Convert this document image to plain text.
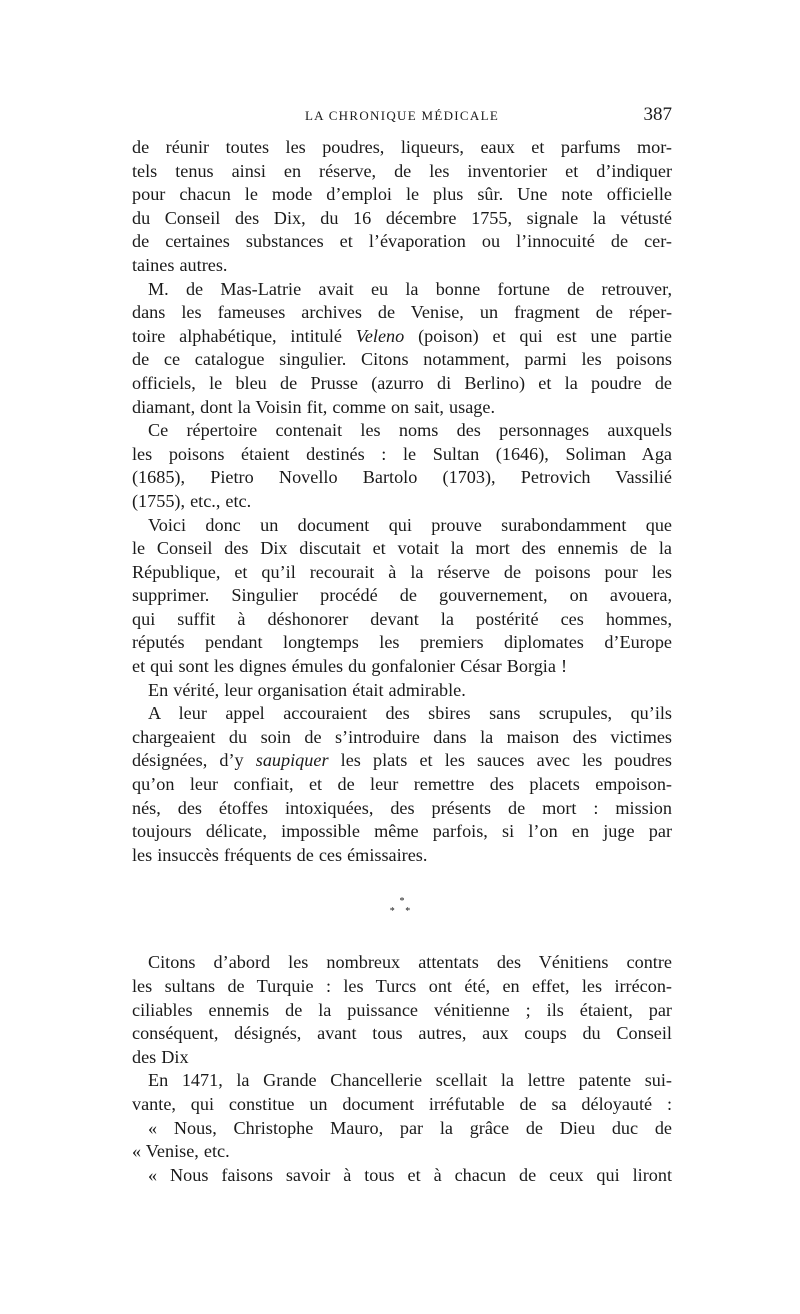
LA CHRONIQUE MÉDICALE	387

de réunir toutes les poudres, liqueurs, eaux et parfums mor-
tels tenus ainsi en réserve, de les inventorier et d’indiquer
pour chacun le mode d’emploi le plus sûr. Une note officielle
du Conseil des Dix, du 16 décembre 1755, signale la vétusté
de certaines substances et l’évaporation ou l’innocuité de cer-
taines autres.

M. de Mas-Latrie avait eu la bonne fortune de retrouver,
dans les fameuses archives de Venise, un fragment de réper-
toire alphabétique, intitulé Veleno (poison) et qui est une partie
de ce catalogue singulier. Citons notamment, parmi les poisons
officiels, le bleu de Prusse (azurro di Berlino) et la poudre de
diamant, dont la Voisin fit, comme on sait, usage.

Ce répertoire contenait les noms des personnages auxquels
les poisons étaient destinés : le Sultan (1646), Soliman Aga
(1685), Pietro Novello Bartolo (1703), Petrovich Vassilié
(1755), etc., etc.

Voici donc un document qui prouve surabondamment que
le Conseil des Dix discutait et votait la mort des ennemis de la
République, et qu’il recourait à la réserve de poisons pour les
supprimer. Singulier procédé de gouvernement, on avouera,
qui suffit à déshonorer devant la postérité ces hommes,
réputés pendant longtemps les premiers diplomates d’Europe
et qui sont les dignes émules du gonfalonier César Borgia !

En vérité, leur organisation était admirable.

A leur appel accouraient des sbires sans scrupules, qu’ils
chargeaient du soin de s’introduire dans la maison des victimes
désignées, d’y saupiquer les plats et les sauces avec les poudres
qu’on leur confiait, et de leur remettre des placets empoison-
nés, des étoffes intoxiquées, des présents de mort : mission
toujours délicate, impossible même parfois, si l’on en juge par
les insuccès fréquents de ces émissaires.

*
* *

Citons d’abord les nombreux attentats des Vénitiens contre
les sultans de Turquie : les Turcs ont été, en effet, les irrécon-
ciliables ennemis de la puissance vénitienne ; ils étaient, par
conséquent, désignés, avant tous autres, aux coups du Conseil
des Dix

En 1471, la Grande Chancellerie scellait la lettre patente sui-
vante, qui constitue un document irréfutable de sa déloyauté :

« Nous, Christophe Mauro, par la grâce de Dieu duc de
« Venise, etc.

« Nous faisons savoir à tous et à chacun de ceux qui liront
